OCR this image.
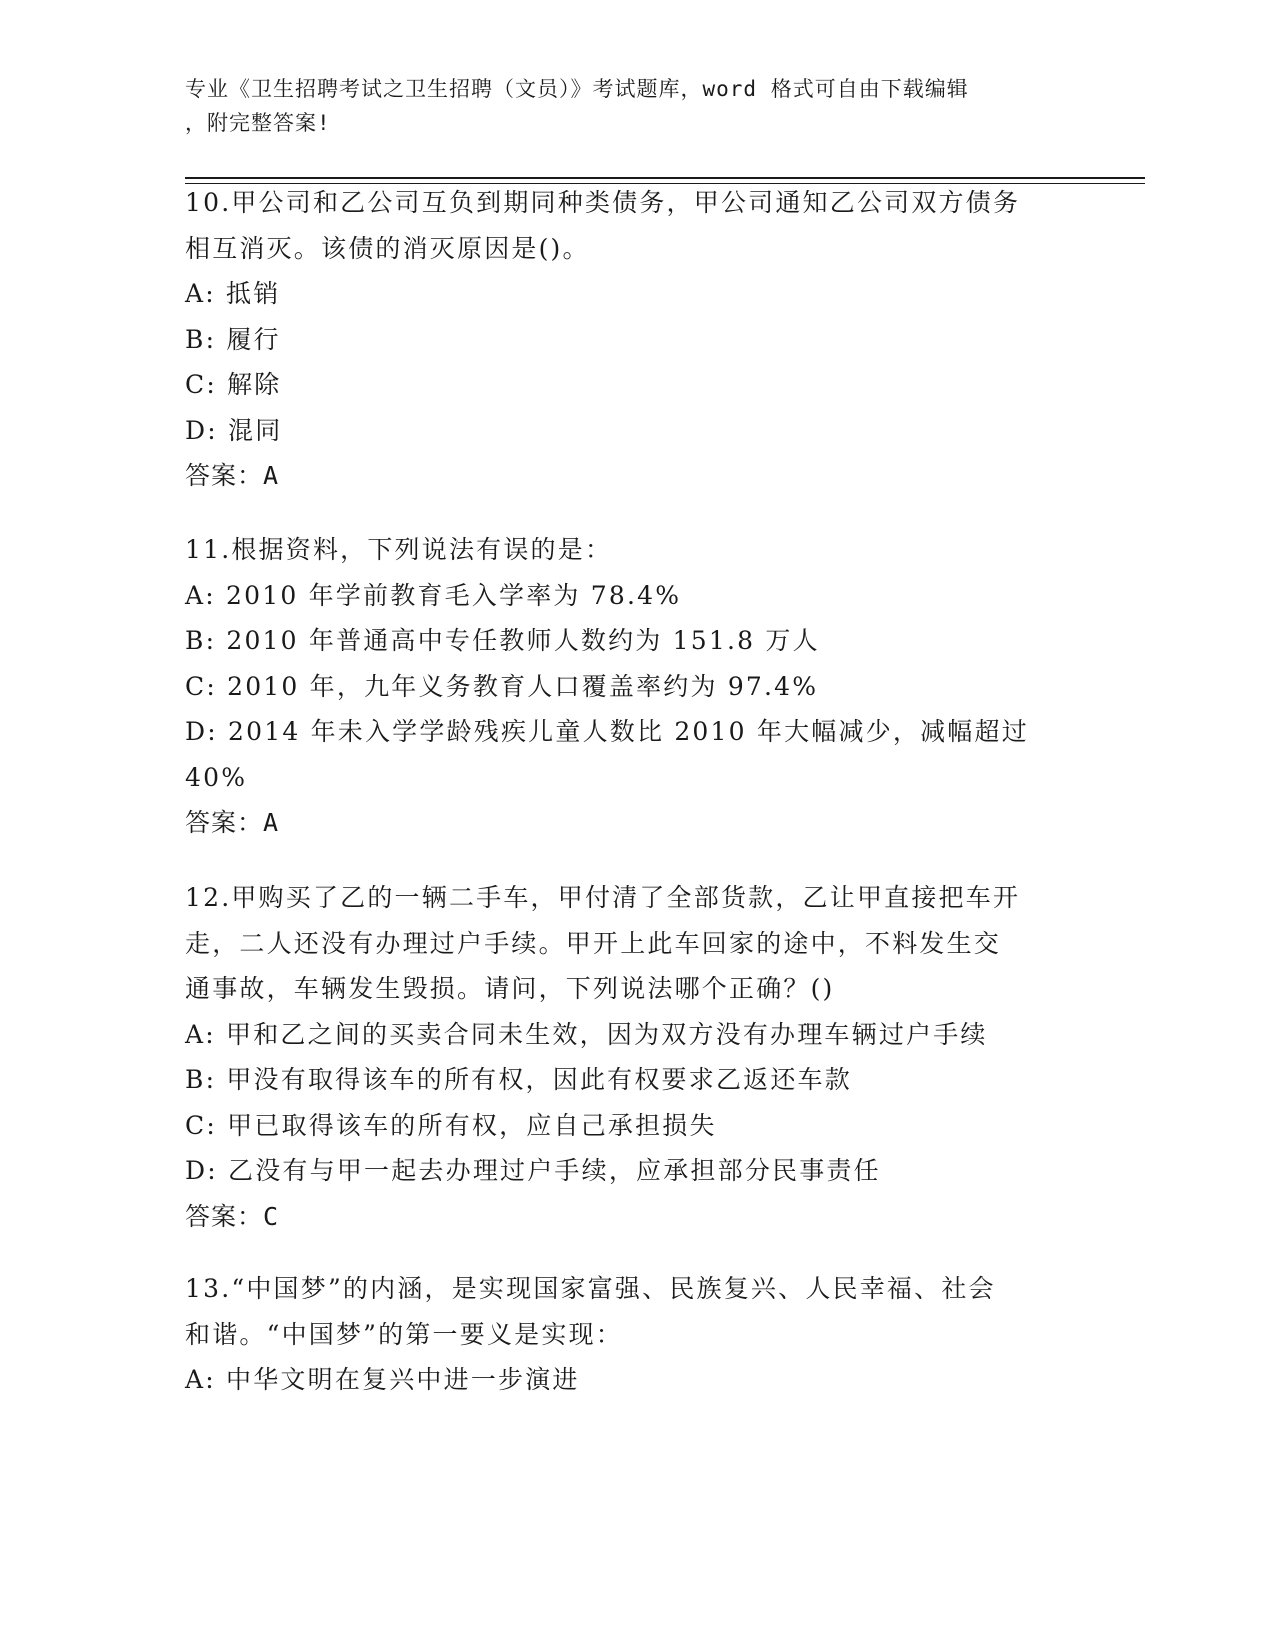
专业《卫生招聘考试之卫生招聘（文员）》考试题库，word 格式可自由下载编辑
，附完整答案!
10.甲公司和乙公司互负到期同种类债务，甲公司通知乙公司双方债务
相互消灭。该债的消灭原因是()。
A: 抵销
B: 履行
C: 解除
D: 混同
答案：A
11.根据资料，下列说法有误的是：
A: 2010 年学前教育毛入学率为 78.4%
B: 2010 年普通高中专任教师人数约为 151.8 万人
C: 2010 年，九年义务教育人口覆盖率约为 97.4%
D: 2014 年未入学学龄残疾儿童人数比 2010 年大幅减少，减幅超过
40%
答案：A
12.甲购买了乙的一辆二手车，甲付清了全部货款，乙让甲直接把车开
走，二人还没有办理过户手续。甲开上此车回家的途中，不料发生交
通事故，车辆发生毁损。请问，下列说法哪个正确？()
A: 甲和乙之间的买卖合同未生效，因为双方没有办理车辆过户手续
B: 甲没有取得该车的所有权，因此有权要求乙返还车款
C: 甲已取得该车的所有权，应自己承担损失
D: 乙没有与甲一起去办理过户手续，应承担部分民事责任
答案：C
13.“中国梦”的内涵，是实现国家富强、民族复兴、人民幸福、社会
和谐。“中国梦”的第一要义是实现：
A: 中华文明在复兴中进一步演进
